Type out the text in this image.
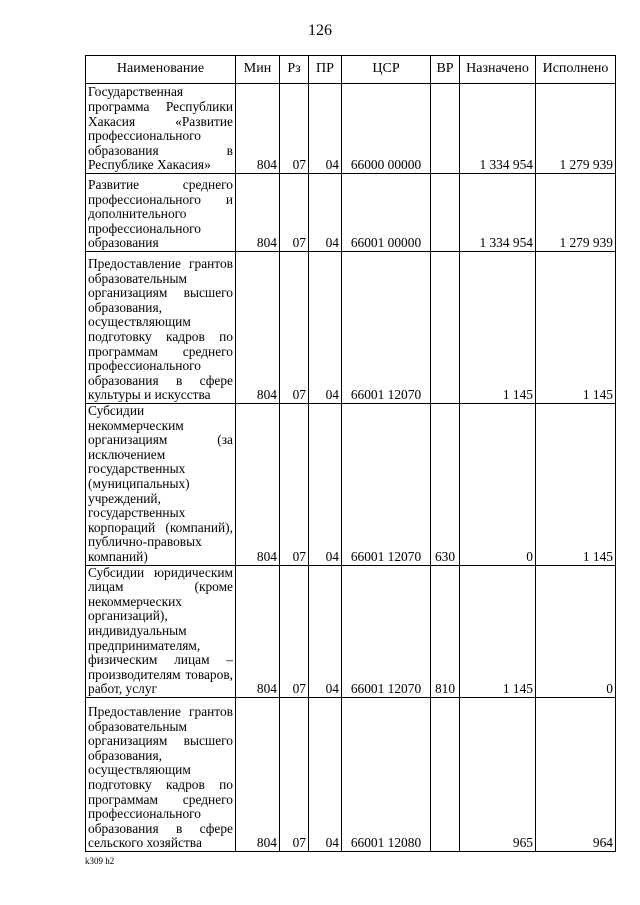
126
Наименование	Мин	Рз	ПР	ЦСР	ВР	Назначено	Исполнено
Государственная программа Республики Хакасия «Развитие профессионального образования в Республике Хакасия»	804	07	04	66000 00000		1 334 954	1 279 939
Развитие среднего профессионального и дополнительного профессионального образования	804	07	04	66001 00000		1 334 954	1 279 939
Предоставление грантов образовательным организациям высшего образования, осуществляющим подготовку кадров по программам среднего профессионального образования в сфере культуры и искусства	804	07	04	66001 12070		1 145	1 145
Субсидии некоммерческим организациям (за исключением государственных (муниципальных) учреждений, государственных корпораций (компаний), публично-правовых компаний)	804	07	04	66001 12070	630	0	1 145
Субсидии юридическим лицам (кроме некоммерческих организаций), индивидуальным предпринимателям, физическим лицам – производителям товаров, работ, услуг	804	07	04	66001 12070	810	1 145	0
Предоставление грантов образовательным организациям высшего образования, осуществляющим подготовку кадров по программам среднего профессионального образования в сфере сельского хозяйства	804	07	04	66001 12080		965	964
k309 h2
